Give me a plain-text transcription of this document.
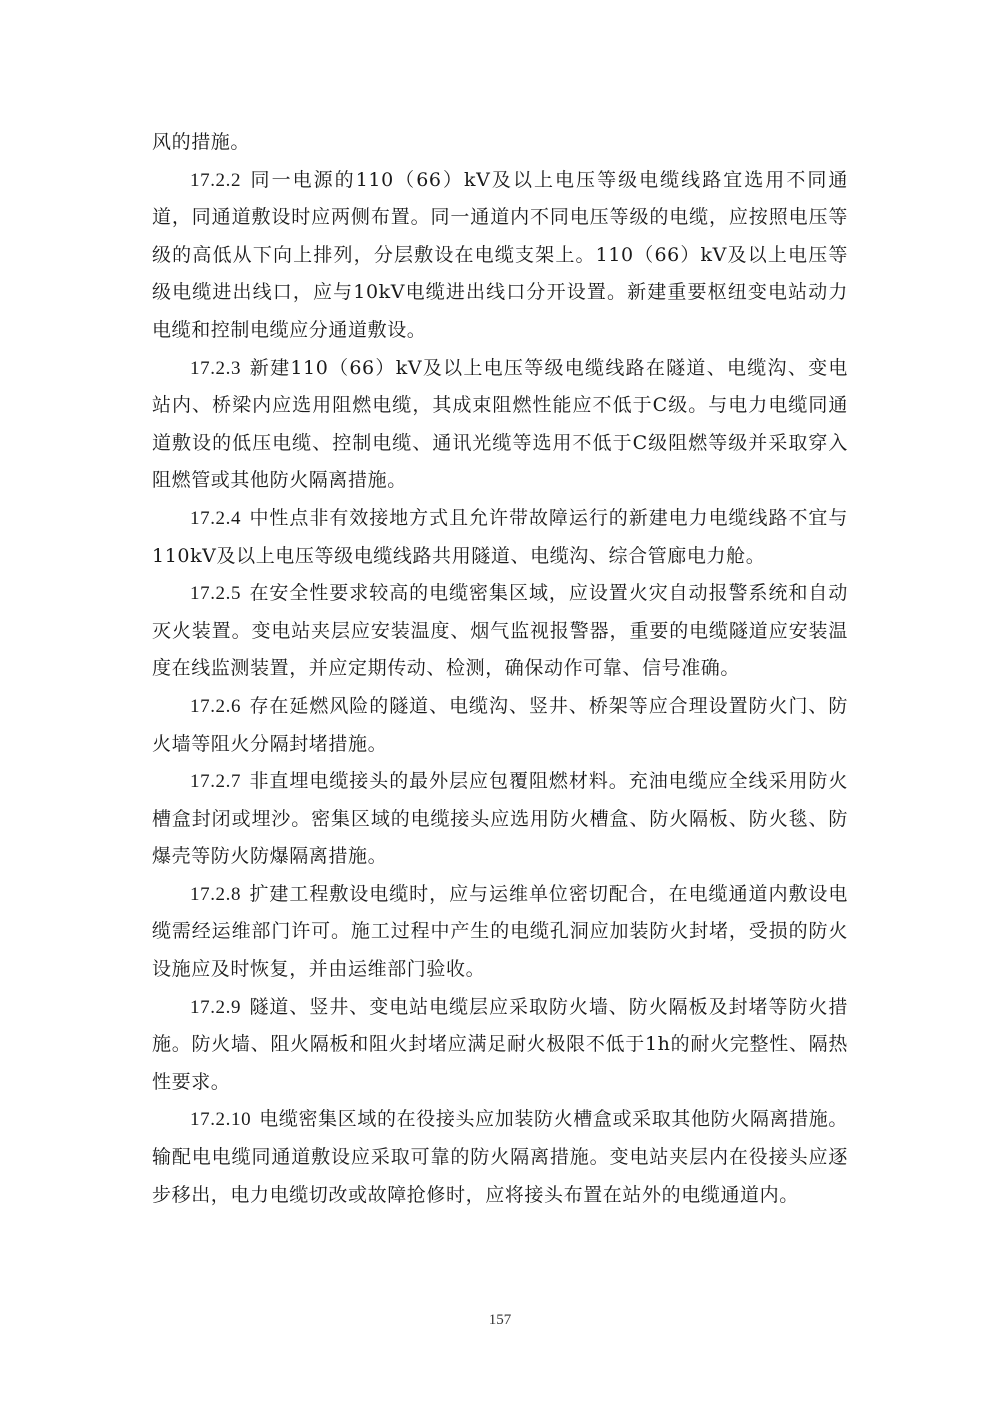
风的措施。

17.2.2 同一电源的110（66）kV及以上电压等级电缆线路宜选用不同通道，同通道敷设时应两侧布置。同一通道内不同电压等级的电缆，应按照电压等级的高低从下向上排列，分层敷设在电缆支架上。110（66）kV及以上电压等级电缆进出线口，应与10kV电缆进出线口分开设置。新建重要枢纽变电站动力电缆和控制电缆应分通道敷设。

17.2.3 新建110（66）kV及以上电压等级电缆线路在隧道、电缆沟、变电站内、桥梁内应选用阻燃电缆，其成束阻燃性能应不低于C级。与电力电缆同通道敷设的低压电缆、控制电缆、通讯光缆等选用不低于C级阻燃等级并采取穿入阻燃管或其他防火隔离措施。

17.2.4 中性点非有效接地方式且允许带故障运行的新建电力电缆线路不宜与110kV及以上电压等级电缆线路共用隧道、电缆沟、综合管廊电力舱。

17.2.5 在安全性要求较高的电缆密集区域，应设置火灾自动报警系统和自动灭火装置。变电站夹层应安装温度、烟气监视报警器，重要的电缆隧道应安装温度在线监测装置，并应定期传动、检测，确保动作可靠、信号准确。

17.2.6 存在延燃风险的隧道、电缆沟、竖井、桥架等应合理设置防火门、防火墙等阻火分隔封堵措施。

17.2.7 非直埋电缆接头的最外层应包覆阻燃材料。充油电缆应全线采用防火槽盒封闭或埋沙。密集区域的电缆接头应选用防火槽盒、防火隔板、防火毯、防爆壳等防火防爆隔离措施。

17.2.8 扩建工程敷设电缆时，应与运维单位密切配合，在电缆通道内敷设电缆需经运维部门许可。施工过程中产生的电缆孔洞应加装防火封堵，受损的防火设施应及时恢复，并由运维部门验收。

17.2.9 隧道、竖井、变电站电缆层应采取防火墙、防火隔板及封堵等防火措施。防火墙、阻火隔板和阻火封堵应满足耐火极限不低于1h的耐火完整性、隔热性要求。

17.2.10 电缆密集区域的在役接头应加装防火槽盒或采取其他防火隔离措施。输配电电缆同通道敷设应采取可靠的防火隔离措施。变电站夹层内在役接头应逐步移出，电力电缆切改或故障抢修时，应将接头布置在站外的电缆通道内。

157
